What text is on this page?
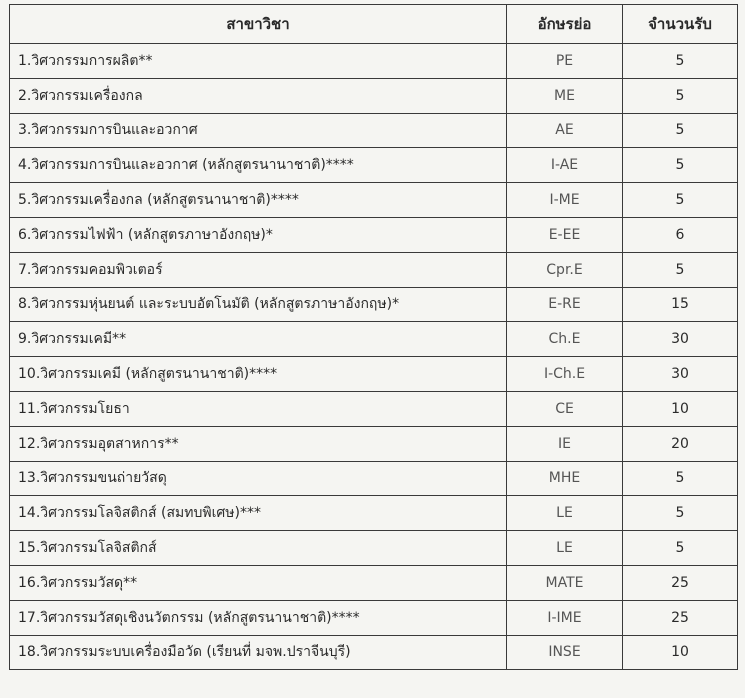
สาขาวิชา	อักษรย่อ	จำนวนรับ
1.วิศวกรรมการผลิต**	PE	5
2.วิศวกรรมเครื่องกล	ME	5
3.วิศวกรรมการบินและอวกาศ	AE	5
4.วิศวกรรมการบินและอวกาศ (หลักสูตรนานาชาติ)****	I-AE	5
5.วิศวกรรมเครื่องกล (หลักสูตรนานาชาติ)****	I-ME	5
6.วิศวกรรมไฟฟ้า (หลักสูตรภาษาอังกฤษ)*	E-EE	6
7.วิศวกรรมคอมพิวเตอร์	Cpr.E	5
8.วิศวกรรมหุ่นยนต์ และระบบอัตโนมัติ (หลักสูตรภาษาอังกฤษ)*	E-RE	15
9.วิศวกรรมเคมี**	Ch.E	30
10.วิศวกรรมเคมี (หลักสูตรนานาชาติ)****	I-Ch.E	30
11.วิศวกรรมโยธา	CE	10
12.วิศวกรรมอุตสาหการ**	IE	20
13.วิศวกรรมขนถ่ายวัสดุ	MHE	5
14.วิศวกรรมโลจิสติกส์ (สมทบพิเศษ)***	LE	5
15.วิศวกรรมโลจิสติกส์	LE	5
16.วิศวกรรมวัสดุ**	MATE	25
17.วิศวกรรมวัสดุเชิงนวัตกรรม (หลักสูตรนานาชาติ)****	I-IME	25
18.วิศวกรรมระบบเครื่องมือวัด (เรียนที่ มจพ.ปราจีนบุรี)	INSE	10
